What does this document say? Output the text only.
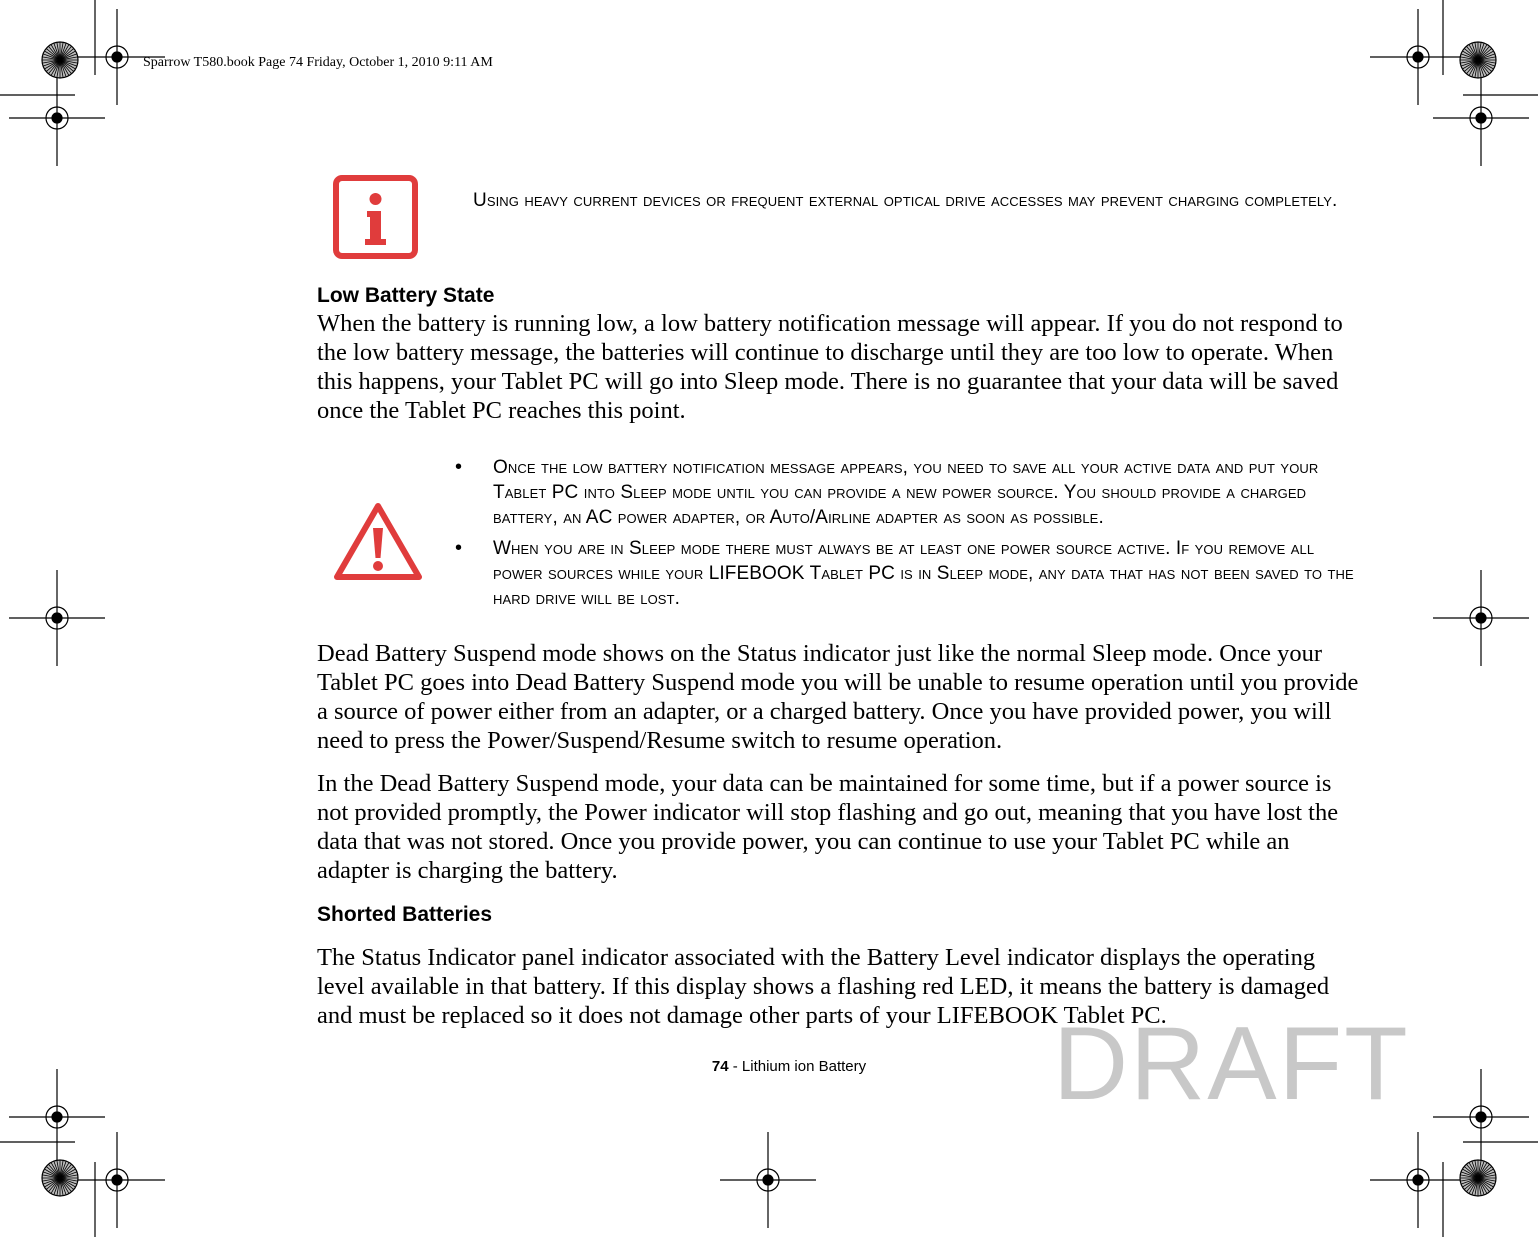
Sparrow T580.book Page 74 Friday, October 1, 2010 9:11 AM
Using heavy current devices or frequent external optical drive accesses may prevent charging completely.
Low Battery State

When the battery is running low, a low battery notification message will appear. If you do not respond to the low battery message, the batteries will continue to discharge until they are too low to operate. When this happens, your Tablet PC will go into Sleep mode. There is no guarantee that your data will be saved once the Tablet PC reaches this point.

• Once the low battery notification message appears, you need to save all your active data and put your Tablet PC into Sleep mode until you can provide a new power source. You should provide a charged battery, an AC power adapter, or Auto/Airline adapter as soon as possible.
• When you are in Sleep mode there must always be at least one power source active. If you remove all power sources while your LIFEBOOK Tablet PC is in Sleep mode, any data that has not been saved to the hard drive will be lost.

Dead Battery Suspend mode shows on the Status indicator just like the normal Sleep mode. Once your Tablet PC goes into Dead Battery Suspend mode you will be unable to resume operation until you provide a source of power either from an adapter, or a charged battery. Once you have provided power, you will need to press the Power/Suspend/Resume switch to resume operation.

In the Dead Battery Suspend mode, your data can be maintained for some time, but if a power source is not provided promptly, the Power indicator will stop flashing and go out, meaning that you have lost the data that was not stored. Once you provide power, you can continue to use your Tablet PC while an adapter is charging the battery.

Shorted Batteries

The Status Indicator panel indicator associated with the Battery Level indicator displays the operating level available in that battery. If this display shows a flashing red LED, it means the battery is damaged and must be replaced so it does not damage other parts of your LIFEBOOK Tablet PC.

74 - Lithium ion Battery	DRAFT
